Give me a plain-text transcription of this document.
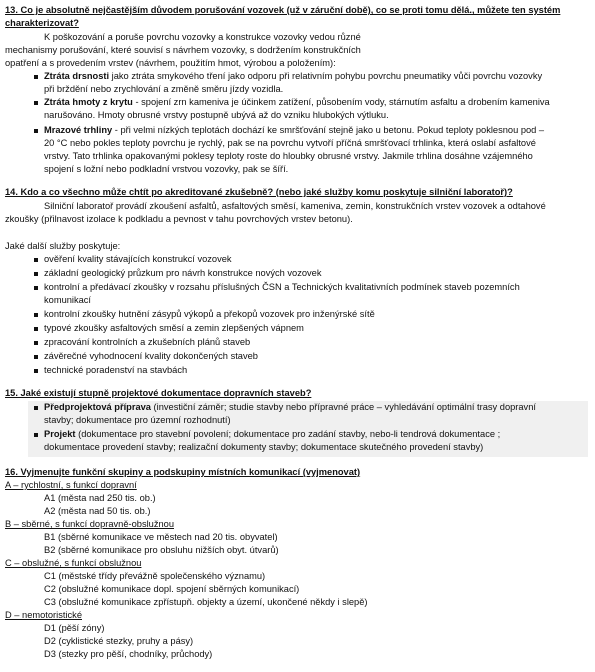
13. Co je absolutně nejčastějším důvodem porušování vozovek (už v záruční době), co se proti tomu dělá., můžete ten systém
charakterizovat?
K poškozování a poruše povrchu vozovky a konstrukce vozovky vedou různé
mechanismy porušování, které souvisí s návrhem vozovky, s dodržením konstrukčních
opatření a s provedením vrstev (návrhem, použitím hmot, výrobou a položením):
Ztráta drsnosti jako ztráta smykového tření jako odporu při relativním pohybu povrchu pneumatiky vůči povrchu vozovky
při brždění nebo zrychlování a změně směru jízdy vozidla.
Ztráta hmoty z krytu - spojení zrn kameniva je účinkem zatížení, působením vody, stárnutím asfaltu a drobením kameniva
narušováno. Hmoty obrusné vrstvy postupně ubývá až do vzniku hlubokých výtluku.
Mrazové trhliny - při velmi nízkých teplotách dochází ke smršťování stejně jako u betonu. Pokud teploty poklesnou pod –
20 °C nebo pokles teploty povrchu je rychlý, pak se na povrchu vytvoří příčná smršťovací trhlinka, která oslabí asfaltové
vrstvy. Tato trhlinka opakovanými poklesy teploty roste do hloubky obrusné vrstvy. Jakmile trhlina dosáhne vzájemného
spojení s ložní nebo podkladní vrstvou vozovky, pak se šíří.
14. Kdo a co všechno může chtít po akreditované zkušebně? (nebo jaké služby komu poskytuje silniční laboratoř)?
Silniční laboratoř provádí zkoušení asfaltů, asfaltových směsí, kameniva, zemin, konstrukčních vrstev vozovek a odtahové
zkoušky (přilnavost izolace k podkladu a pevnost v tahu povrchových vrstev betonu).
Jaké další služby poskytuje:
ověření kvality stávajících konstrukcí vozovek
základní geologický průzkum pro návrh konstrukce nových vozovek
kontrolní a předávací zkoušky v rozsahu příslušných ČSN a Technických kvalitativních podmínek staveb pozemních
komunikací
kontrolní zkoušky hutnění zásypů výkopů a překopů vozovek pro inženýrské sítě
typové zkoušky asfaltových směsí a zemin zlepšených vápnem
zpracování kontrolních a zkušebních plánů staveb
závěrečné vyhodnocení kvality dokončených staveb
technické poradenství na stavbách
15. Jaké existují stupně projektové dokumentace dopravních staveb?
Předprojektová příprava (investiční záměr; studie stavby nebo přípravné práce – vyhledávání optimální trasy dopravní
stavby; dokumentace pro územní rozhodnutí)
Projekt (dokumentace pro stavební povolení; dokumentace pro zadání stavby, nebo-li tendrová dokumentace ;
dokumentace provedení stavby; realizační dokumenty stavby; dokumentace skutečného provedení stavby)
16. Vyjmenujte funkční skupiny a podskupiny místních komunikací (vyjmenovat)
A – rychlostní, s funkcí dopravní
A1 (města nad 250 tis. ob.)
A2 (města nad 50 tis. ob.)
B – sběrné, s funkcí dopravně-obslužnou
B1 (sběrné komunikace ve městech nad 20 tis. obyvatel)
B2 (sběrné komunikace pro obsluhu nižších obyt. útvarů)
C – obslužné, s funkcí obslužnou
C1 (městské třídy převážně společenského významu)
C2 (obslužné komunikace dopl. spojení sběrných komunikací)
C3 (obslužné komunikace zpřístupň. objekty a území, ukončené někdy i slepě)
D – nemotoristické
D1 (pěší zóny)
D2 (cyklistické stezky, pruhy a pásy)
D3 (stezky pro pěší, chodníky, průchody)
